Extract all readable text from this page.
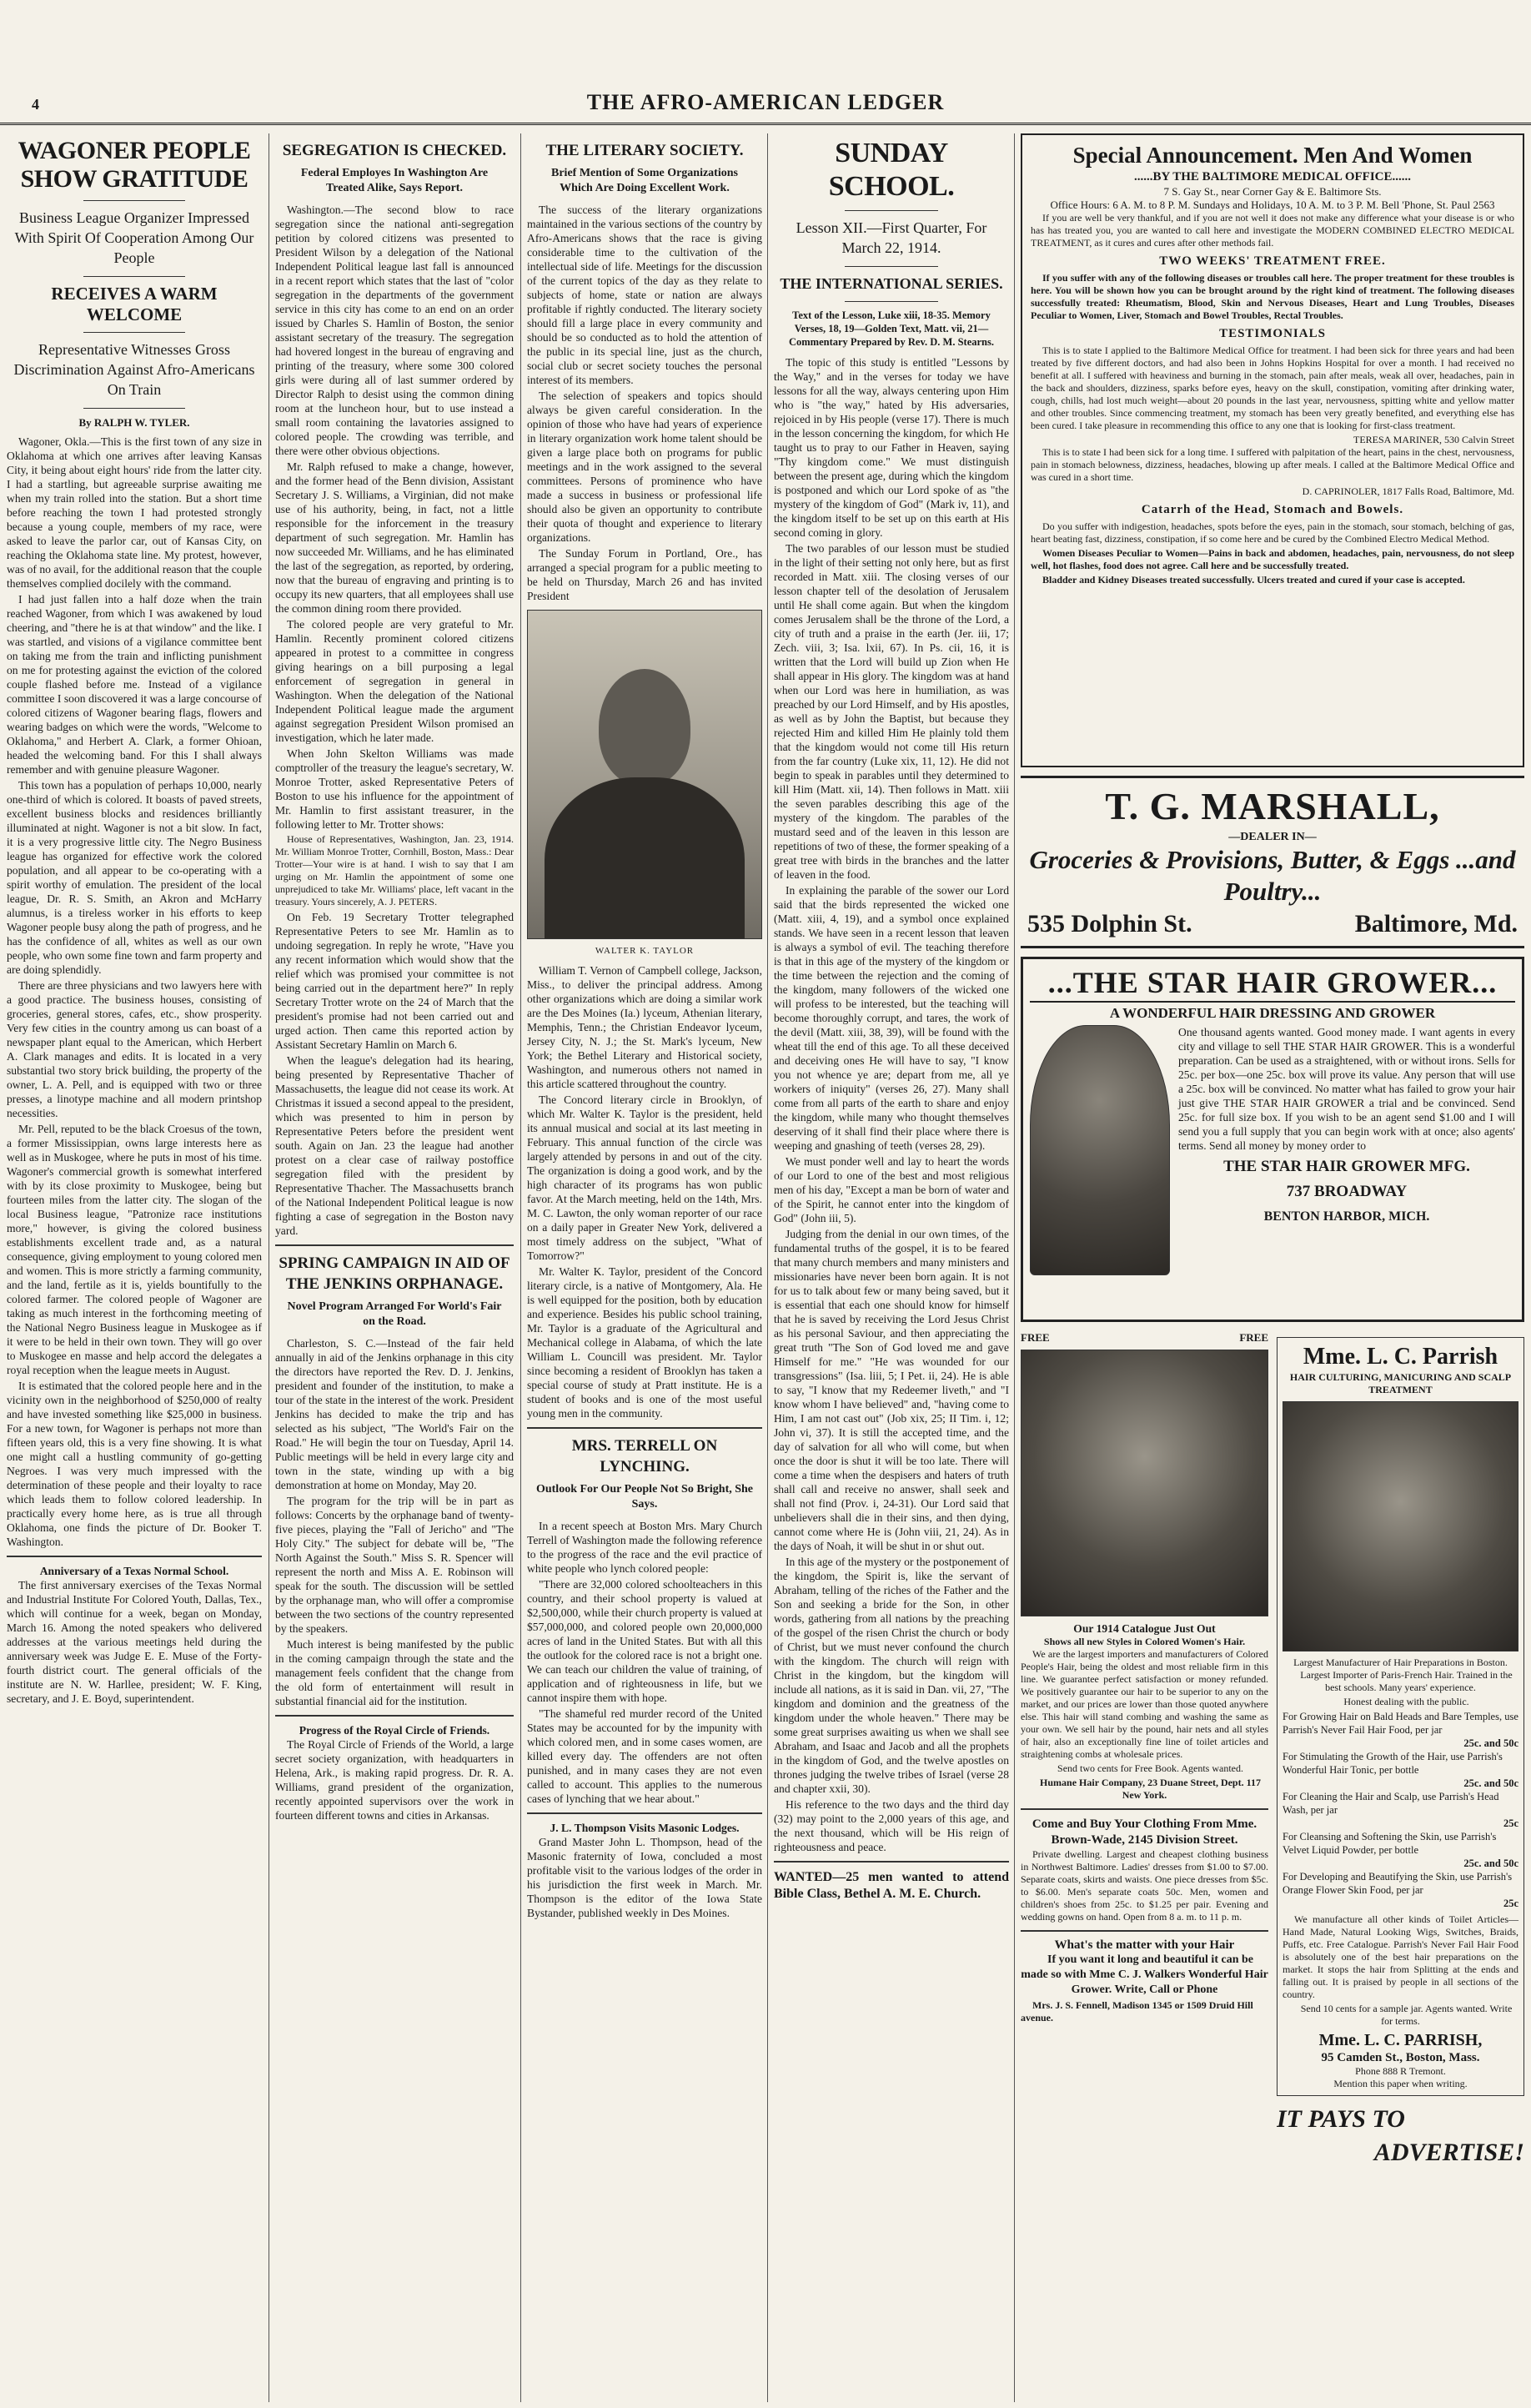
4	THE AFRO-AMERICAN LEDGER
WAGONER PEOPLE SHOW GRATITUDE
Business League Organizer Impressed With Spirit Of Cooperation Among Our People
RECEIVES A WARM WELCOME
Representative Witnesses Gross Discrimination Against Afro-Americans On Train
By RALPH W. TYLER.

Wagoner, Okla.—This is the first town of any size in Oklahoma at which one arrives after leaving Kansas City, it being about eight hours' ride from the latter city. I had a startling, but agreeable surprise awaiting me when my train rolled into the station. But a short time before reaching the town I had protested strongly because a young couple, members of my race, were asked to leave the parlor car, out of Kansas City, on reaching the Oklahoma state line. My protest, however, was of no avail, for the additional reason that the couple themselves complied docilely with the command.

I had just fallen into a half doze when the train reached Wagoner, from which I was awakened by loud cheering, and "there he is at that window" and the like. I was startled, and visions of a vigilance committee bent on taking me from the train and inflicting punishment on me for protesting against the eviction of the colored couple flashed before me. Instead of a vigilance committee I soon discovered it was a large concourse of colored citizens of Wagoner bearing flags, flowers and wearing badges on which were the words, "Welcome to Oklahoma," and Herbert A. Clark, a former Ohioan, headed the welcoming band. For this I shall always remember and with genuine pleasure Wagoner.

This town has a population of perhaps 10,000, nearly one-third of which is colored. It boasts of paved streets, excellent business blocks and residences brilliantly illuminated at night. Wagoner is not a bit slow. In fact, it is a very progressive little city. The Negro Business league has organized for effective work the colored population, and all appear to be co-operating with a spirit worthy of emulation. The president of the local league, Dr. R. S. Smith, an Akron and McHarry alumnus, is a tireless worker in his efforts to keep Wagoner people busy along the path of progress, and he has the confidence of all, whites as well as our own people, who own some fine town and farm property and are doing splendidly.

There are three physicians and two lawyers here with a good practice. The business houses, consisting of groceries, general stores, cafes, etc., show prosperity. Very few cities in the country among us can boast of a newspaper plant equal to the American, which Herbert A. Clark manages and edits. It is located in a very substantial two story brick building, the property of the owner, L. A. Pell, and is equipped with two or three presses, a linotype machine and all modern printshop necessities.

Mr. Pell, reputed to be the black Croesus of the town, a former Mississippian, owns large interests here as well as in Muskogee, where he puts in most of his time. Wagoner's commercial growth is somewhat interfered with by its close proximity to Muskogee, being but fourteen miles from the latter city. The slogan of the local Business league, "Patronize race institutions more," however, is giving the colored business establishments excellent trade and, as a natural consequence, giving employment to young colored men and women. This is more strictly a farming community, and the land, fertile as it is, yields bountifully to the colored farmer. The colored people of Wagoner are taking as much interest in the forthcoming meeting of the National Negro Business league in Muskogee as if it were to be held in their own town. They will go over to Muskogee en masse and help accord the delegates a royal reception when the league meets in August.

It is estimated that the colored people here and in the vicinity own in the neighborhood of $250,000 of realty and have invested something like $25,000 in business. For a new town, for Wagoner is perhaps not more than fifteen years old, this is a very fine showing. It is what one might call a hustling community of go-getting Negroes. I was very much impressed with the determination of these people and their loyalty to race which leads them to follow colored leadership. In practically every home here, as is true all through Oklahoma, one finds the picture of Dr. Booker T. Washington.

Anniversary of a Texas Normal School.

The first anniversary exercises of the Texas Normal and Industrial Institute For Colored Youth, Dallas, Tex., which will continue for a week, began on Monday, March 16. Among the noted speakers who delivered addresses at the various meetings held during the anniversary week was Judge E. E. Muse of the Forty-fourth district court. The general officials of the institute are N. W. Harllee, president; W. F. King, secretary, and J. E. Boyd, superintendent.

SEGREGATION IS CHECKED.
Federal Employes In Washington Are Treated Alike, Says Report.

Washington.—The second blow to race segregation since the national anti-segregation petition by colored citizens was presented to President Wilson by a delegation of the National Independent Political league last fall is announced in a recent report which states that the last of "color segregation in the departments of the government service in this city has come to an end on an order issued by Charles S. Hamlin of Boston, the senior assistant secretary of the treasury. The segregation had hovered longest in the bureau of engraving and printing of the treasury, where some 300 colored girls were during all of last summer ordered by Director Ralph to desist using the common dining room at the luncheon hour, but to use instead a small room containing the lavatories assigned to colored people. The crowding was terrible, and there were other obvious objections.

Mr. Ralph refused to make a change, however, and the former head of the Benn division, Assistant Secretary J. S. Williams, a Virginian, did not make use of his authority, being, in fact, not a little responsible for the inforcement in the treasury department of such segregation. Mr. Hamlin has now succeeded Mr. Williams, and he has eliminated the last of the segregation, as reported, by ordering, now that the bureau of engraving and printing is to occupy its new quarters, that all employees shall use the common dining room there provided.

The colored people are very grateful to Mr. Hamlin. Recently prominent colored citizens appeared in protest to a committee in congress giving hearings on a bill purposing a legal enforcement of segregation in general in Washington. When the delegation of the National Independent Political league made the argument against segregation President Wilson promised an investigation, which he later made.

When John Skelton Williams was made comptroller of the treasury the league's secretary, W. Monroe Trotter, asked Representative Peters of Boston to use his influence for the appointment of Mr. Hamlin to first assistant treasurer, in the following letter to Mr. Trotter shows:

House of Representatives, Washington, Jan. 23, 1914. Mr. William Monroe Trotter, Cornhill, Boston, Mass.: Dear Trotter—Your wire is at hand. I wish to say that I am urging on Mr. Hamlin the appointment of some one unprejudiced to take Mr. Williams' place, left vacant in the treasury. Yours sincerely, A. J. PETERS.

On Feb. 19 Secretary Trotter telegraphed Representative Peters to see Mr. Hamlin as to undoing segregation. In reply he wrote, "Have you any recent information which would show that the relief which was promised your committee is not being carried out in the department here?" In reply Secretary Trotter wrote on the 24 of March that the president's promise had not been carried out and urged action. Then came this reported action by Assistant Secretary Hamlin on March 6.

When the league's delegation had its hearing, being presented by Representative Thacher of Massachusetts, the league did not cease its work. At Christmas it issued a second appeal to the president, which was presented to him in person by Representative Peters before the president went south. Again on Jan. 23 the league had another protest on a clear case of railway postoffice segregation filed with the president by Representative Thacher. The Massachusetts branch of the National Independent Political league is now fighting a case of segregation in the Boston navy yard.

SPRING CAMPAIGN IN AID OF THE JENKINS ORPHANAGE.
Novel Program Arranged For World's Fair on the Road.

Charleston, S. C.—Instead of the fair held annually in aid of the Jenkins orphanage in this city the directors have reported the Rev. D. J. Jenkins, president and founder of the institution, to make a tour of the state in the interest of the work. President Jenkins has decided to make the trip and has selected as his subject, "The World's Fair on the Road." He will begin the tour on Tuesday, April 14. Public meetings will be held in every large city and town in the state, winding up with a big demonstration at home on Monday, May 20.

The program for the trip will be in part as follows: Concerts by the orphanage band of twenty-five pieces, playing the "Fall of Jericho" and "The Holy City." The subject for debate will be, "The North Against the South." Miss S. R. Spencer will represent the north and Miss A. E. Robinson will speak for the south. The discussion will be settled by the orphanage man, who will offer a compromise between the two sections of the country represented by the speakers.

Much interest is being manifested by the public in the coming campaign through the state and the management feels confident that the change from the old form of entertainment will result in substantial financial aid for the institution.

Progress of the Royal Circle of Friends.

The Royal Circle of Friends of the World, a large secret society organization, with headquarters in Helena, Ark., is making rapid progress. Dr. R. A. Williams, grand president of the organization, recently appointed supervisors over the work in fourteen different towns and cities in Arkansas.

THE LITERARY SOCIETY.
Brief Mention of Some Organizations Which Are Doing Excellent Work.

The success of the literary organizations maintained in the various sections of the country by Afro-Americans shows that the race is giving considerable time to the cultivation of the intellectual side of life. Meetings for the discussion of the current topics of the day as they relate to subjects of home, state or nation are always profitable if rightly conducted. The literary society should fill a large place in every community and should be so conducted as to hold the attention of the public in its special line, just as the church, social club or secret society touches the personal interest of its members.

The selection of speakers and topics should always be given careful consideration. In the opinion of those who have had years of experience in literary organization work home talent should be given a large place both on programs for public meetings and in the work assigned to the several committees. Persons of prominence who have made a success in business or professional life should also be given an opportunity to contribute their quota of thought and experience to literary organizations.

The Sunday Forum in Portland, Ore., has arranged a special program for a public meeting to be held on Thursday, March 26 and has invited President

WALTER K. TAYLOR

William T. Vernon of Campbell college, Jackson, Miss., to deliver the principal address. Among other organizations which are doing a similar work are the Des Moines (Ia.) lyceum, Athenian literary, Memphis, Tenn.; the Christian Endeavor lyceum, Jersey City, N. J.; the St. Mark's lyceum, New York; the Bethel Literary and Historical society, Washington, and numerous others not named in this article scattered throughout the country.

The Concord literary circle in Brooklyn, of which Mr. Walter K. Taylor is the president, held its annual musical and social at its last meeting in February. This annual function of the circle was largely attended by persons in and out of the city. The organization is doing a good work, and by the high character of its programs has won public favor. At the March meeting, held on the 14th, Mrs. M. C. Lawton, the only woman reporter of our race on a daily paper in Greater New York, delivered a most timely address on the subject, "What of Tomorrow?"

Mr. Walter K. Taylor, president of the Concord literary circle, is a native of Montgomery, Ala. He is well equipped for the position, both by education and experience. Besides his public school training, Mr. Taylor is a graduate of the Agricultural and Mechanical college in Alabama, of which the late William L. Councill was president. Mr. Taylor since becoming a resident of Brooklyn has taken a special course of study at Pratt institute. He is a student of books and is one of the most useful young men in the community.

MRS. TERRELL ON LYNCHING.
Outlook For Our People Not So Bright, She Says.

In a recent speech at Boston Mrs. Mary Church Terrell of Washington made the following reference to the progress of the race and the evil practice of white people who lynch colored people:

"There are 32,000 colored schoolteachers in this country, and their school property is valued at $2,500,000, while their church property is valued at $57,000,000, and colored people own 20,000,000 acres of land in the United States. But with all this the outlook for the colored race is not a bright one. We can teach our children the value of training, of application and of righteousness in life, but we cannot inspire them with hope.

"The shameful red murder record of the United States may be accounted for by the impunity with which colored men, and in some cases women, are killed every day. The offenders are not often punished, and in many cases they are not even called to account. This applies to the numerous cases of lynching that we hear about."

J. L. Thompson Visits Masonic Lodges.

Grand Master John L. Thompson, head of the Masonic fraternity of Iowa, concluded a most profitable visit to the various lodges of the order in his jurisdiction the first week in March. Mr. Thompson is the editor of the Iowa State Bystander, published weekly in Des Moines.

SUNDAY SCHOOL.
Lesson XII.—First Quarter, For March 22, 1914.
THE INTERNATIONAL SERIES.
Text of the Lesson, Luke xiii, 18-35. Memory Verses, 18, 19—Golden Text, Matt. vii, 21—Commentary Prepared by Rev. D. M. Stearns.

The topic of this study is entitled "Lessons by the Way," and in the verses for today we have lessons for all the way, always centering upon Him who is "the way," hated by His adversaries, rejoiced in by His people (verse 17). There is much in the lesson concerning the kingdom, for which He taught us to pray to our Father in Heaven, saying "Thy kingdom come." We must distinguish between the present age, during which the kingdom is postponed and which our Lord spoke of as "the mystery of the kingdom of God" (Mark iv, 11), and the kingdom itself to be set up on this earth at His second coming in glory.

The two parables of our lesson must be studied in the light of their setting not only here, but as first recorded in Matt. xiii. The closing verses of our lesson chapter tell of the desolation of Jerusalem until He shall come again. But when the kingdom comes Jerusalem shall be the throne of the Lord, a city of truth and a praise in the earth (Jer. iii, 17; Zech. viii, 3; Isa. lxii, 67). In Ps. cii, 16, it is written that the Lord will build up Zion when He shall appear in His glory. The kingdom was at hand when our Lord was here in humiliation, as was preached by our Lord Himself, and by His apostles, as well as by John the Baptist, but because they rejected Him and killed Him He plainly told them that the kingdom would not come till His return from the far country (Luke xix, 11, 12). He did not begin to speak in parables until they determined to kill Him (Matt. xii, 14). Then follows in Matt. xiii the seven parables describing this age of the mystery of the kingdom. The parables of the mustard seed and of the leaven in this lesson are repetitions of two of these, the former speaking of a great tree with birds in the branches and the latter of leaven in the food.

In explaining the parable of the sower our Lord said that the birds represented the wicked one (Matt. xiii, 4, 19), and a symbol once explained stands. We have seen in a recent lesson that leaven is always a symbol of evil. The teaching therefore is that in this age of the mystery of the kingdom or the time between the rejection and the coming of the kingdom, many followers of the wicked one will profess to be interested, but the teaching will become thoroughly corrupt, and tares, the work of the devil (Matt. xiii, 38, 39), will be found with the wheat till the end of this age. To all these deceived and deceiving ones He will have to say, "I know you not whence ye are; depart from me, all ye workers of iniquity" (verses 26, 27). Many shall come from all parts of the earth to share and enjoy the kingdom, while many who thought themselves deserving of it shall find their place where there is weeping and gnashing of teeth (verses 28, 29).

We must ponder well and lay to heart the words of our Lord to one of the best and most religious men of his day, "Except a man be born of water and of the Spirit, he cannot enter into the kingdom of God" (John iii, 5).

Judging from the denial in our own times, of the fundamental truths of the gospel, it is to be feared that many church members and many ministers and missionaries have never been born again. It is not for us to talk about few or many being saved, but it is essential that each one should know for himself that he is saved by receiving the Lord Jesus Christ as his personal Saviour, and then appreciating the great truth "The Son of God loved me and gave Himself for me." "He was wounded for our transgressions" (Isa. liii, 5; I Pet. ii, 24). He is able to say, "I know that my Redeemer liveth," and "I know whom I have believed" and, "having come to Him, I am not cast out" (Job xix, 25; II Tim. i, 12; John vi, 37). It is still the accepted time, and the day of salvation for all who will come, but when once the door is shut it will be too late. There will come a time when the despisers and haters of truth shall call and receive no answer, shall seek and shall not find (Prov. i, 24-31). Our Lord said that unbelievers shall die in their sins, and then dying, cannot come where He is (John viii, 21, 24). As in the days of Noah, it will be shut in or shut out.

In this age of the mystery or the postponement of the kingdom, the Spirit is, like the servant of Abraham, telling of the riches of the Father and the Son and seeking a bride for the Son, in other words, gathering from all nations by the preaching of the gospel of the risen Christ the church or body of Christ, but we must never confound the church with the kingdom. The church will reign with Christ in the kingdom, but the kingdom will include all nations, as it is said in Dan. vii, 27, "The kingdom and dominion and the greatness of the kingdom under the whole heaven." There may be some great surprises awaiting us when we shall see Abraham, and Isaac and Jacob and all the prophets in the kingdom of God, and the twelve apostles on thrones judging the twelve tribes of Israel (verse 28 and chapter xxii, 30).

His reference to the two days and the third day (32) may point to the 2,000 years of this age, and the next thousand, which will be His reign of righteousness and peace.

WANTED—25 men wanted to attend Bible Class, Bethel A. M. E. Church.
Special Announcement. Men And Women
......BY THE BALTIMORE MEDICAL OFFICE......
7 S. Gay St., near Corner Gay & E. Baltimore Sts.
Office Hours: 6 A. M. to 8 P. M. Sundays and Holidays, 10 A. M. to 3 P. M. Bell 'Phone, St. Paul 2563

If you are well be very thankful, and if you are not well it does not make any difference what your disease is or who has has treated you, you are wanted to call here and investigate the MODERN COMBINED ELECTRO MEDICAL TREATMENT, as it cures and cures after other methods fail.

TWO WEEKS' TREATMENT FREE.

If you suffer with any of the following diseases or troubles call here. The proper treatment for these troubles is here. You will be shown how you can be brought around by the right kind of treatment. The following diseases successfully treated: Rheumatism, Blood, Skin and Nervous Diseases, Heart and Lung Troubles, Diseases Peculiar to Women, Liver, Stomach and Bowel Troubles, Rectal Troubles.

TESTIMONIALS

This is to state I applied to the Baltimore Medical Office for treatment. I had been sick for three years and had been treated by five different doctors, and had also been in Johns Hopkins Hospital for over a month. I had received no benefit at all. I suffered with heaviness and burning in the stomach, pain after meals, weak all over, headaches, pain in the back and shoulders, dizziness, sparks before eyes, heavy on the skull, constipation, vomiting after drinking water, cough, chills, had lost much weight—about 20 pounds in the last year, nervousness, spitting white and yellow matter and other troubles. Since commencing treatment, my stomach has been very greatly benefited, and everything else has been cured. I take pleasure in recommending this office to any one that is looking for first-class treatment.

TERESA MARINER, 530 Calvin Street

This is to state I had been sick for a long time. I suffered with palpitation of the heart, pains in the chest, nervousness, pain in stomach belowness, dizziness, headaches, blowing up after meals. I called at the Baltimore Medical Office and was cured in a short time.

D. CAPRINOLER, 1817 Falls Road, Baltimore, Md.
Catarrh of the Head, Stomach and Bowels.

Do you suffer with indigestion, headaches, spots before the eyes, pain in the stomach, sour stomach, belching of gas, heart beating fast, dizziness, constipation, if so come here and be cured by the Combined Electro Medical Method.

Women Diseases Peculiar to Women—Pains in back and abdomen, headaches, pain, nervousness, do not sleep well, hot flashes, food does not agree. Call here and be successfully treated.

Bladder and Kidney Diseases treated successfully. Ulcers treated and cured if your case is accepted.

T. G. MARSHALL,
—DEALER IN—
Groceries & Provisions, Butter, & Eggs ...and Poultry...
535 Dolphin St.	Baltimore, Md.
...THE STAR HAIR GROWER...
A WONDERFUL HAIR DRESSING AND GROWER
One thousand agents wanted. Good money made. I want agents in every city and village to sell THE STAR HAIR GROWER. This is a wonderful preparation. Can be used as a straightened, with or without irons. Sells for 25c. per box—one 25c. box will prove its value. Any person that will use a 25c. box will be convinced. No matter what has failed to grow your hair just give THE STAR HAIR GROWER a trial and be convinced. Send 25c. for full size box. If you wish to be an agent send $1.00 and I will send you a full supply that you can begin work with at once; also agents' terms. Send all money by money order to
THE STAR HAIR GROWER MFG.
737 BROADWAY
BENTON HARBOR, MICH.
FREE	FREE
Our 1914 Catalogue Just Out
Shows all new Styles in Colored Women's Hair.

We are the largest importers and manufacturers of Colored People's Hair, being the oldest and most reliable firm in this line. We guarantee perfect satisfaction or money refunded. We positively guarantee our hair to be superior to any on the market, and our prices are lower than those quoted anywhere else. This hair will stand combing and washing the same as your own. We sell hair by the pound, hair nets and all styles of hair, also an exceptionally fine line of toilet articles and straightening combs at wholesale prices.

Send two cents for Free Book. Agents wanted.

Humane Hair Company, 23 Duane Street, Dept. 117 New York.

Come and Buy Your Clothing From Mme. Brown-Wade, 2145 Division Street.

Private dwelling. Largest and cheapest clothing business in Northwest Baltimore. Ladies' dresses from $1.00 to $7.00. Separate coats, skirts and waists. One piece dresses from $5c. to $6.00. Men's separate coats 50c. Men, women and children's shoes from 25c. to $1.25 per pair. Evening and wedding gowns on hand. Open from 8 a. m. to 11 p. m.

What's the matter with your Hair

If you want it long and beautiful it can be made so with Mme C. J. Walkers Wonderful Hair Grower. Write, Call or Phone

Mrs. J. S. Fennell, Madison 1345 or 1509 Druid Hill avenue.

Mme. L. C. Parrish
HAIR CULTURING, MANICURING AND SCALP TREATMENT
Largest Manufacturer of Hair Preparations in Boston.

Largest Importer of Paris-French Hair. Trained in the best schools. Many years' experience.

Honest dealing with the public.

For Growing Hair on Bald Heads and Bare Temples, use Parrish's Never Fail Hair Food, per jar
25c. and 50c
For Stimulating the Growth of the Hair, use Parrish's Wonderful Hair Tonic, per bottle
25c. and 50c
For Cleaning the Hair and Scalp, use Parrish's Head Wash, per jar
25c
For Cleansing and Softening the Skin, use Parrish's Velvet Liquid Powder, per bottle
25c. and 50c
For Developing and Beautifying the Skin, use Parrish's Orange Flower Skin Food, per jar
25c

We manufacture all other kinds of Toilet Articles—Hand Made, Natural Looking Wigs, Switches, Braids, Puffs, etc. Free Catalogue. Parrish's Never Fail Hair Food is absolutely one of the best hair preparations on the market. It stops the hair from Splitting at the ends and falling out. It is praised by people in all sections of the country.

Send 10 cents for a sample jar. Agents wanted. Write for terms.

Mme. L. C. PARRISH,
95 Camden St., Boston, Mass.
Phone 888 R Tremont.
Mention this paper when writing.
IT PAYS TO
ADVERTISE!
